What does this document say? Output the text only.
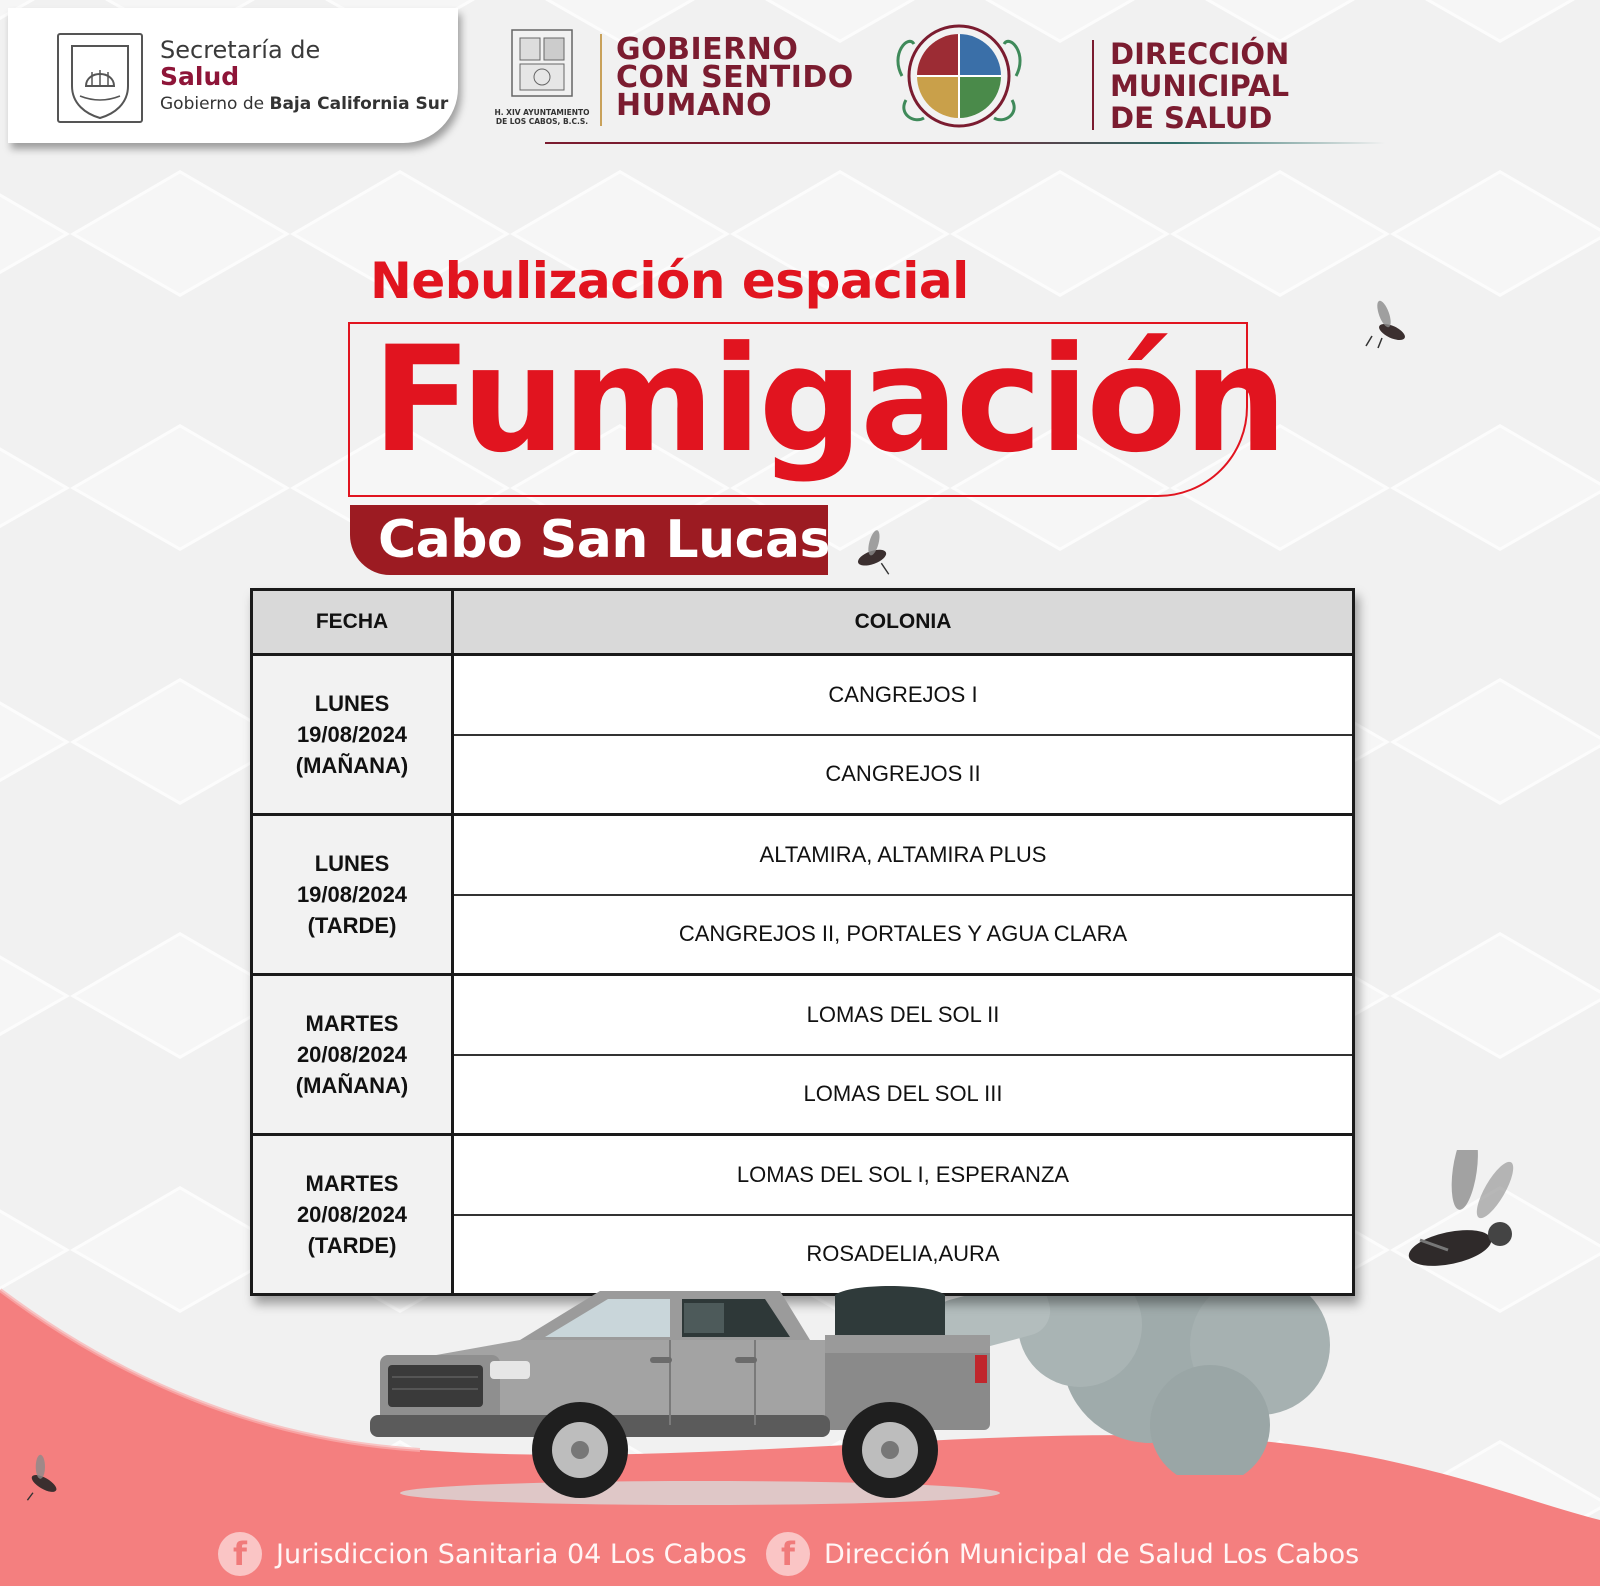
Secretaría de
Salud
Gobierno de Baja California Sur	H. XIV AYUNTAMIENTO
DE LOS CABOS, B.C.S.
GOBIERNO
CON SENTIDO
HUMANO
DIRECCIÓN
MUNICIPAL
DE SALUD
Nebulización espacial
Fumigación
Cabo San Lucas
FECHA	COLONIA

LUNES
19/08/2024
(MAÑANA)	CANGREJOS I
	CANGREJOS II

LUNES
19/08/2024
(TARDE)	ALTAMIRA, ALTAMIRA PLUS
	CANGREJOS II, PORTALES Y AGUA CLARA

MARTES
20/08/2024
(MAÑANA)	LOMAS DEL SOL II
	LOMAS DEL SOL III

MARTES
20/08/2024
(TARDE)	LOMAS DEL SOL I, ESPERANZA
	ROSADELIA,AURA
f	Jurisdiccion Sanitaria 04 Los Cabos	f	Dirección Municipal de Salud Los Cabos
